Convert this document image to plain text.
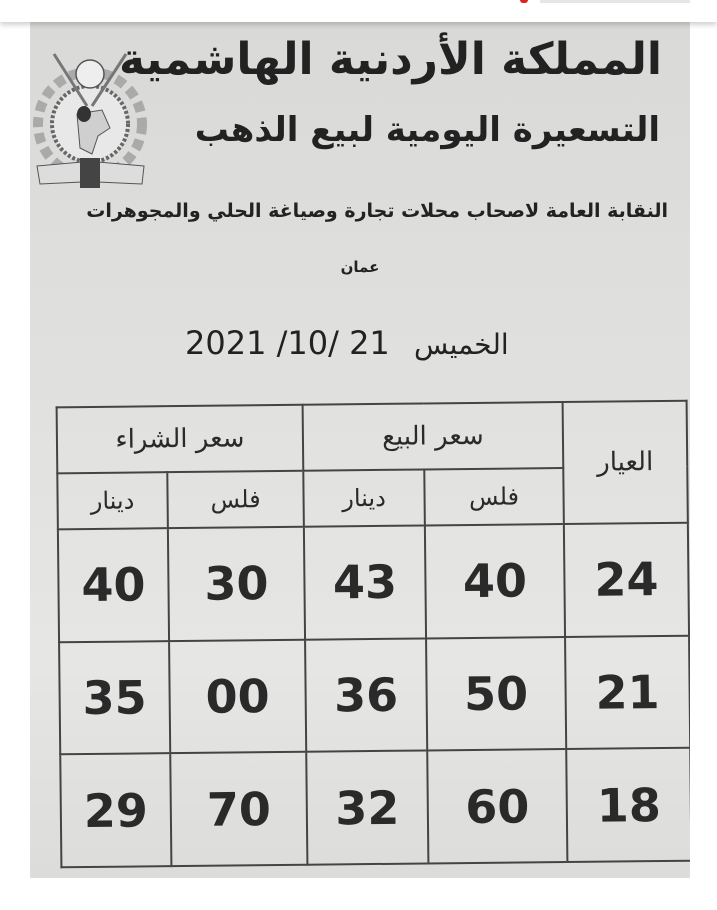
المملكة الأردنية الهاشمية
التسعيرة اليومية لبيع الذهب
النقابة العامة لاصحاب محلات تجارة وصياغة الحلي والمجوهرات
عمان
2021 /10/ 21 الخميس
العيار	سعر البيع		سعر الشراء	
	فلس	دينار	فلس	دينار
24	40	43	30	40
21	50	36	00	35
18	60	32	70	29
